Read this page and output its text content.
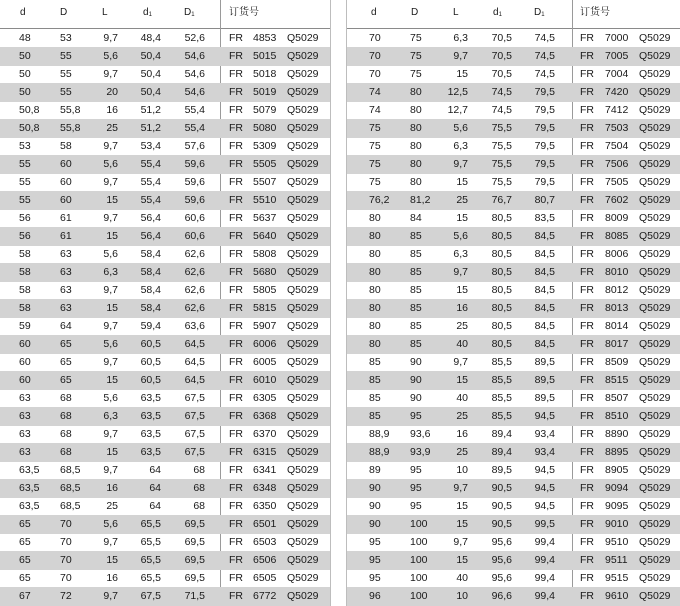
d	D	L	d1	D1	订货号
48	53	9,7 48,4 52,6 FR 4853 Q5029
50	55	5,6 50,4 54,6 FR 5015 Q5029
50	55	9,7 50,4 54,6 FR 5018 Q5029
50	55	20 50,4 54,6 FR 5019 Q5029
50,8 55,8 16 51,2 55,4 FR 5079 Q5029
50,8 55,8 25 51,2 55,4 FR 5080 Q5029
53	58	9,7 53,4 57,6 FR 5309 Q5029
55	60	5,6 55,4 59,6 FR 5505 Q5029
55	60	9,7 55,4 59,6 FR 5507 Q5029
55	60	15 55,4 59,6 FR 5510 Q5029
56	61	9,7 56,4 60,6 FR 5637 Q5029
56	61	15 56,4 60,6 FR 5640 Q5029
58	63	5,6 58,4 62,6 FR 5808 Q5029
58	63	6,3 58,4 62,6 FR 5680 Q5029
58	63	9,7 58,4 62,6 FR 5805 Q5029
58	63	15 58,4 62,6 FR 5815 Q5029
59	64	9,7 59,4 63,6 FR 5907 Q5029
60	65	5,6 60,5 64,5 FR 6006 Q5029
60	65	9,7 60,5 64,5 FR 6005 Q5029
60	65	15 60,5 64,5 FR 6010 Q5029
63	68	5,6 63,5 67,5 FR 6305 Q5029
63	68	6,3 63,5 67,5 FR 6368 Q5029
63	68	9,7 63,5 67,5 FR 6370 Q5029
63	68	15 63,5 67,5 FR 6315 Q5029
63,5 68,5 9,7	64	68 FR 6341 Q5029
63,5 68,5 16	64	68 FR 6348 Q5029
63,5 68,5 25	64	68 FR 6350 Q5029
65	70	5,6 65,5 69,5 FR 6501 Q5029
65	70	9,7 65,5 69,5 FR 6503 Q5029
65	70	15 65,5 69,5 FR 6506 Q5029
65	70	16 65,5 69,5 FR 6505 Q5029
67	72	9,7 67,5 71,5 FR 6772 Q5029
d	D	L	d1	D1	订货号
70	75	6,3 70,5 74,5 FR 7000 Q5029
70	75	9,7 70,5 74,5 FR 7005 Q5029
70	75	15 70,5 74,5 FR 7004 Q5029
74	80 12,5 74,5 79,5 FR 7420 Q5029
74	80 12,7 74,5 79,5 FR 7412 Q5029
75	80	5,6 75,5 79,5 FR 7503 Q5029
75	80	6,3 75,5 79,5 FR 7504 Q5029
75	80	9,7 75,5 79,5 FR 7506 Q5029
75	80	15 75,5 79,5 FR 7505 Q5029
76,2 81,2 25 76,7 80,7 FR 7602 Q5029
80	84	15 80,5 83,5 FR 8009 Q5029
80	85	5,6 80,5 84,5 FR 8085 Q5029
80	85	6,3 80,5 84,5 FR 8006 Q5029
80	85	9,7 80,5 84,5 FR 8010 Q5029
80	85	15 80,5 84,5 FR 8012 Q5029
80	85	16 80,5 84,5 FR 8013 Q5029
80	85	25 80,5 84,5 FR 8014 Q5029
80	85	40 80,5 84,5 FR 8017 Q5029
85	90	9,7 85,5 89,5 FR 8509 Q5029
85	90	15 85,5 89,5 FR 8515 Q5029
85	90	40 85,5 89,5 FR 8507 Q5029
85	95	25 85,5 94,5 FR 8510 Q5029
88,9 93,6 16 89,4 93,4 FR 8890 Q5029
88,9 93,9 25 89,4 93,4 FR 8895 Q5029
89	95	10 89,5 94,5 FR 8905 Q5029
90	95	9,7 90,5 94,5 FR 9094 Q5029
90	95	15 90,5 94,5 FR 9095 Q5029
90	100	15 90,5 99,5 FR 9010 Q5029
95	100 9,7 95,6 99,4 FR 9510 Q5029
95	100	15 95,6 99,4 FR 9511 Q5029
95	100	40 95,6 99,4 FR 9515 Q5029
96	100	10 96,6 99,4 FR 9610 Q5029
